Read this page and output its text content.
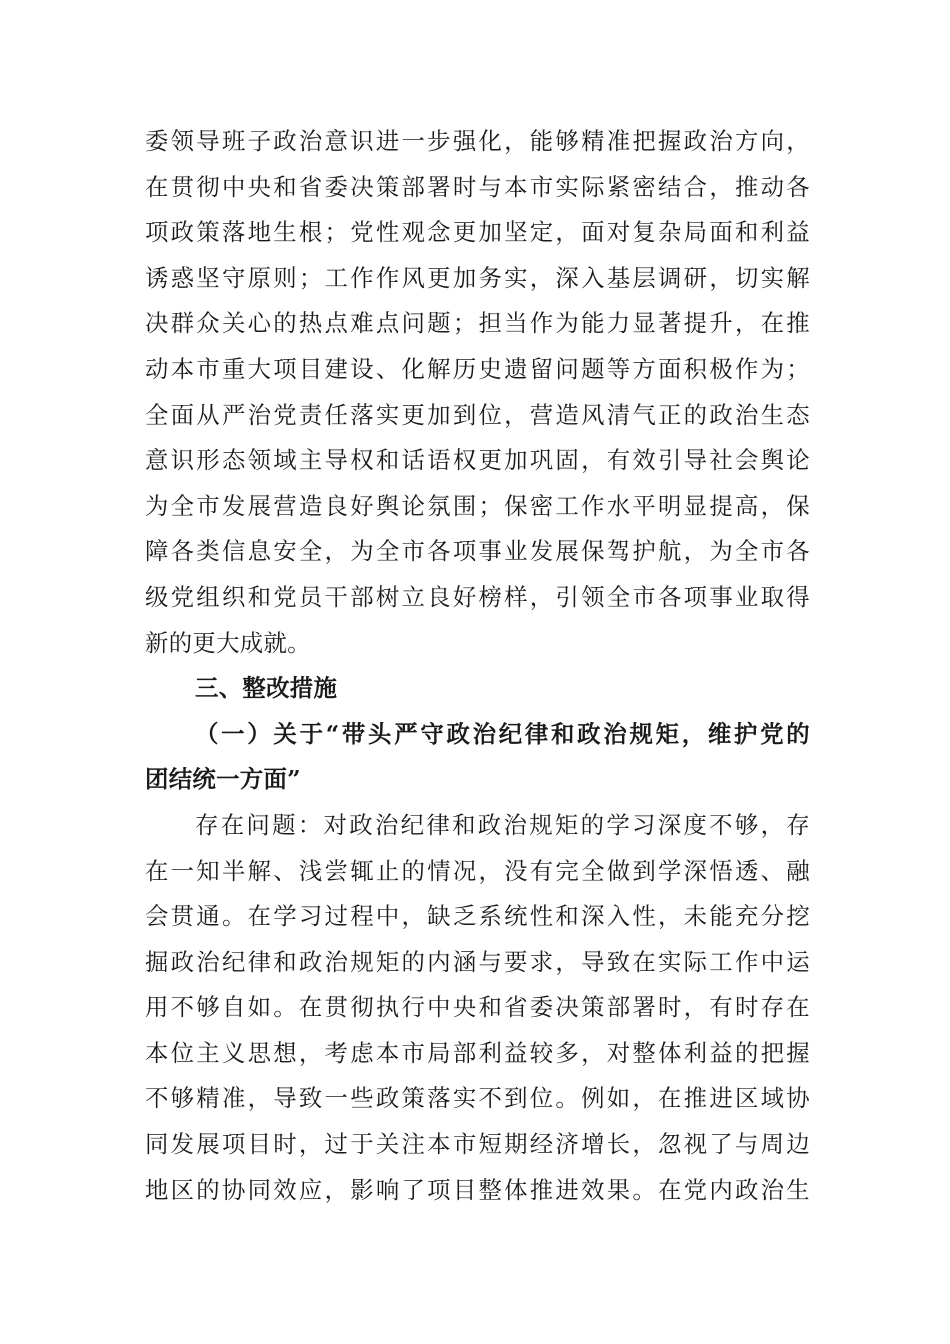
委领导班子政治意识进一步强化，能够精准把握政治方向，
在贯彻中央和省委决策部署时与本市实际紧密结合，推动各
项政策落地生根；党性观念更加坚定，面对复杂局面和利益
诱惑坚守原则；工作作风更加务实，深入基层调研，切实解
决群众关心的热点难点问题；担当作为能力显著提升，在推
动本市重大项目建设、化解历史遗留问题等方面积极作为；
全面从严治党责任落实更加到位，营造风清气正的政治生态
意识形态领域主导权和话语权更加巩固，有效引导社会舆论
为全市发展营造良好舆论氛围；保密工作水平明显提高，保
障各类信息安全，为全市各项事业发展保驾护航，为全市各
级党组织和党员干部树立良好榜样，引领全市各项事业取得
新的更大成就。
三、整改措施
（一）关于“带头严守政治纪律和政治规矩，维护党的
团结统一方面”
存在问题：对政治纪律和政治规矩的学习深度不够，存
在一知半解、浅尝辄止的情况，没有完全做到学深悟透、融
会贯通。在学习过程中，缺乏系统性和深入性，未能充分挖
掘政治纪律和政治规矩的内涵与要求，导致在实际工作中运
用不够自如。在贯彻执行中央和省委决策部署时，有时存在
本位主义思想，考虑本市局部利益较多，对整体利益的把握
不够精准，导致一些政策落实不到位。例如，在推进区域协
同发展项目时，过于关注本市短期经济增长，忽视了与周边
地区的协同效应，影响了项目整体推进效果。在党内政治生
